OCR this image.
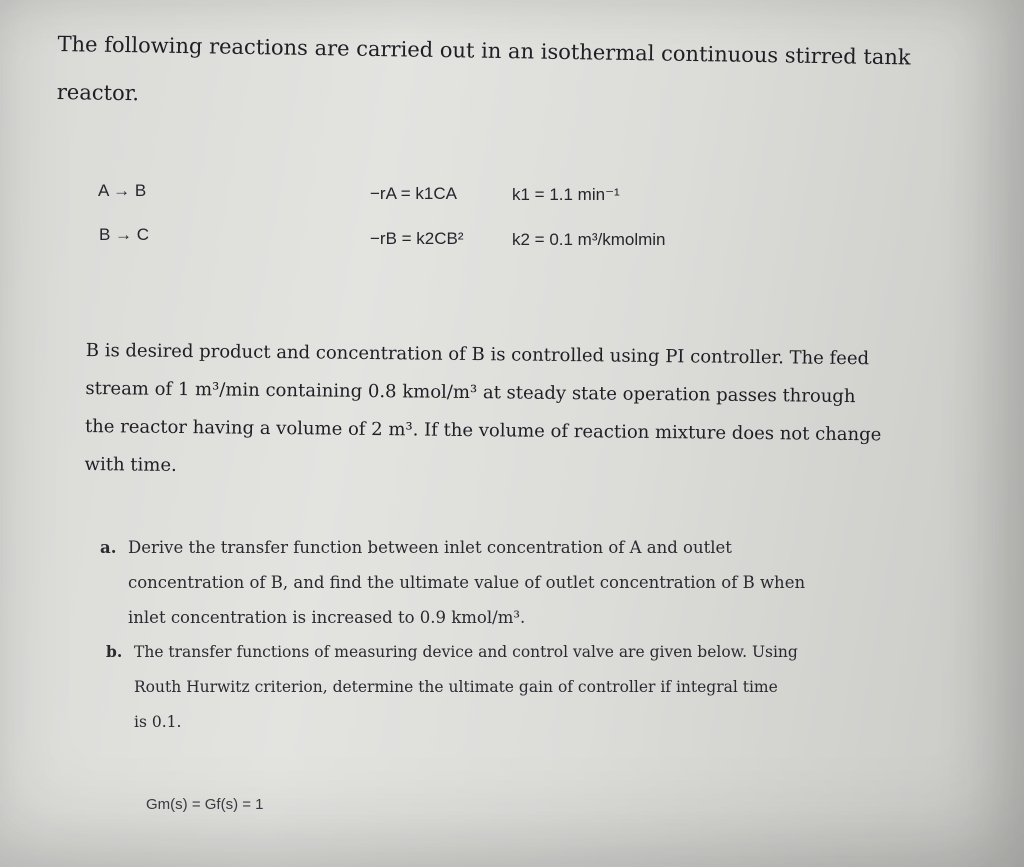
The following reactions are carried out in an isothermal continuous stirred tank
reactor.
A → B	−rA = k1CA	k1 = 1.1 min⁻¹
B → C	−rB = k2CB²	k2 = 0.1 m³/kmolmin
B is desired product and concentration of B is controlled using PI controller. The feed
stream of 1 m³/min containing 0.8 kmol/m³ at steady state operation passes through
the reactor having a volume of 2 m³. If the volume of reaction mixture does not change
with time.
a. Derive the transfer function between inlet concentration of A and outlet
concentration of B, and find the ultimate value of outlet concentration of B when
inlet concentration is increased to 0.9 kmol/m³.
b. The transfer functions of measuring device and control valve are given below. Using
Routh Hurwitz criterion, determine the ultimate gain of controller if integral time
is 0.1.
Gm(s) = Gf(s) = 1
